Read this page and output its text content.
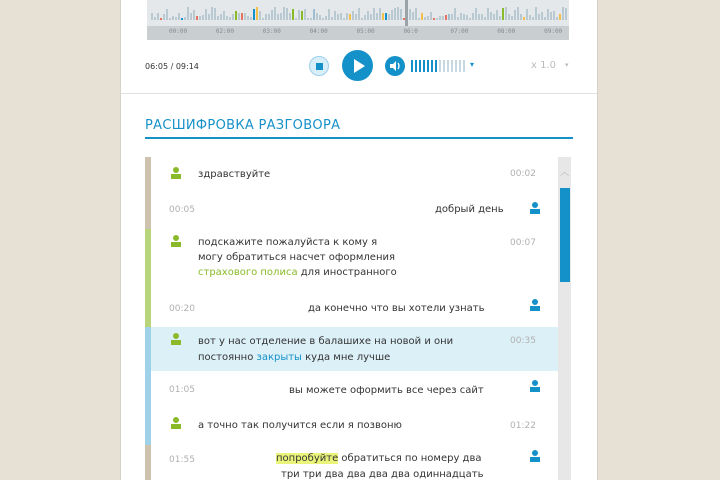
00:00	02:00	03:00	04:00	05:00	06:0	07:00	08:00	09:00
06:05 / 09:14	▾	x 1.0 ▾
РАСШИФРОВКА РАЗГОВОРА
здравствуйте	00:02
00:05	добрый день
подскажите пожалуйста к кому я
могу обратиться насчет оформления
страхового полиса для иностранного
00:07
00:20	да конечно что вы хотели узнать
вот у нас отделение в балашихе на новой и они
постоянно закрыты куда мне лучше
00:35
01:05	вы можете оформить все через сайт
а точно так получится если я позвоню	01:22
01:55	попробуйте обратиться по номеру два
три три два два два два одиннадцать
︿
